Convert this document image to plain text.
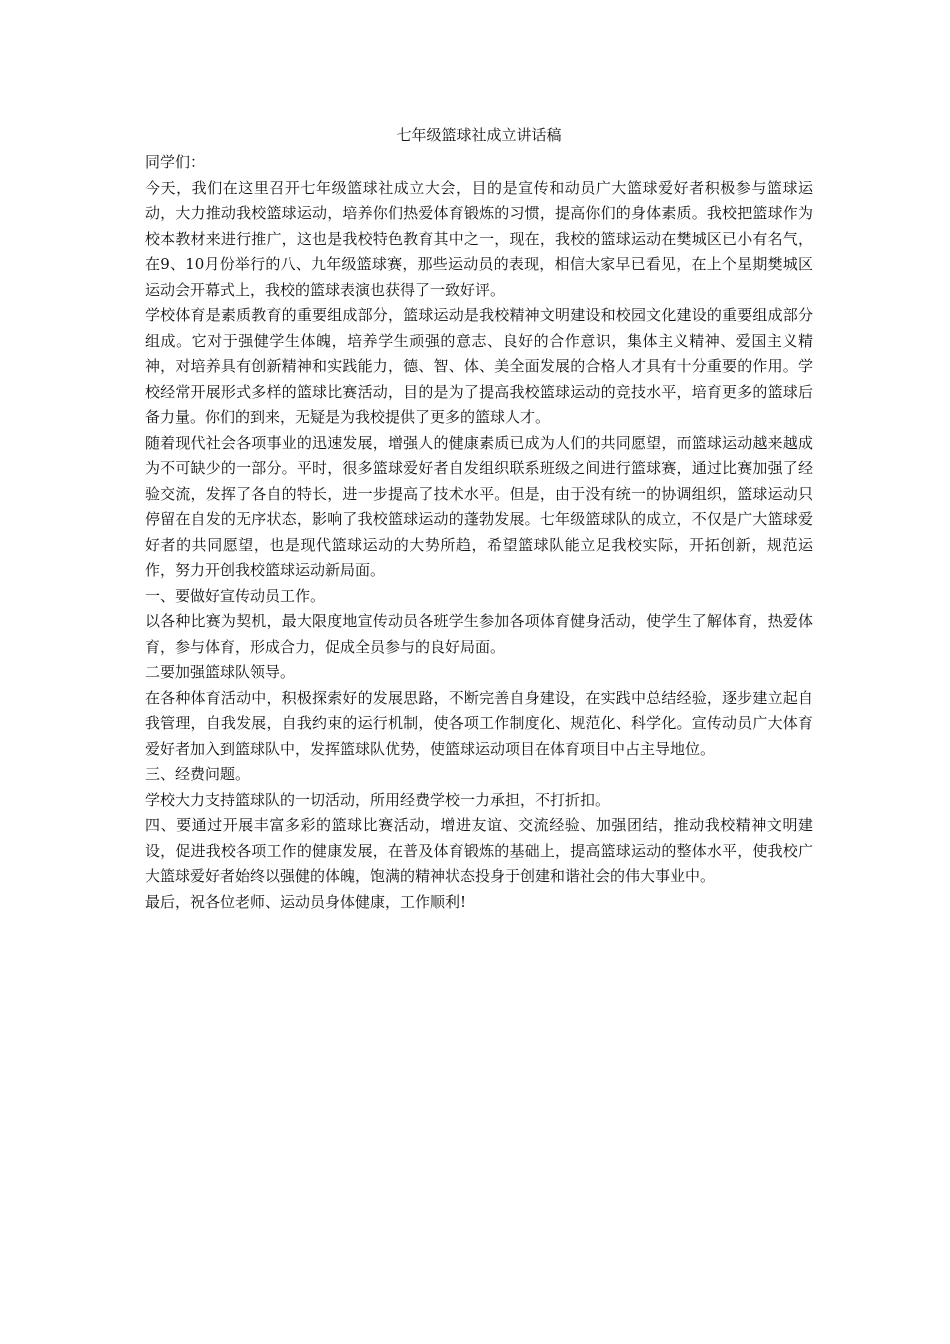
七年级篮球社成立讲话稿

同学们：

今天，我们在这里召开七年级篮球社成立大会，目的是宣传和动员广大篮球爱好者积极参与篮球运动，大力推动我校篮球运动，培养你们热爱体育锻炼的习惯，提高你们的身体素质。我校把篮球作为校本教材来进行推广，这也是我校特色教育其中之一，现在，我校的篮球运动在樊城区已小有名气，在9、10月份举行的八、九年级篮球赛，那些运动员的表现，相信大家早已看见，在上个星期樊城区运动会开幕式上，我校的篮球表演也获得了一致好评。

学校体育是素质教育的重要组成部分，篮球运动是我校精神文明建设和校园文化建设的重要组成部分组成。它对于强健学生体魄，培养学生顽强的意志、良好的合作意识，集体主义精神、爱国主义精神，对培养具有创新精神和实践能力，德、智、体、美全面发展的合格人才具有十分重要的作用。学校经常开展形式多样的篮球比赛活动，目的是为了提高我校篮球运动的竞技水平，培育更多的篮球后备力量。你们的到来，无疑是为我校提供了更多的篮球人才。

随着现代社会各项事业的迅速发展，增强人的健康素质已成为人们的共同愿望，而篮球运动越来越成为不可缺少的一部分。平时，很多篮球爱好者自发组织联系班级之间进行篮球赛，通过比赛加强了经验交流，发挥了各自的特长，进一步提高了技术水平。但是，由于没有统一的协调组织，篮球运动只停留在自发的无序状态，影响了我校篮球运动的蓬勃发展。七年级篮球队的成立，不仅是广大篮球爱好者的共同愿望，也是现代篮球运动的大势所趋，希望篮球队能立足我校实际，开拓创新，规范运作，努力开创我校篮球运动新局面。

一、要做好宣传动员工作。

以各种比赛为契机，最大限度地宣传动员各班学生参加各项体育健身活动，使学生了解体育，热爱体育，参与体育，形成合力，促成全员参与的良好局面。

二要加强篮球队领导。

在各种体育活动中，积极探索好的发展思路，不断完善自身建设，在实践中总结经验，逐步建立起自我管理，自我发展，自我约束的运行机制，使各项工作制度化、规范化、科学化。宣传动员广大体育爱好者加入到篮球队中，发挥篮球队优势，使篮球运动项目在体育项目中占主导地位。

三、经费问题。

学校大力支持篮球队的一切活动，所用经费学校一力承担，不打折扣。

四、要通过开展丰富多彩的篮球比赛活动，增进友谊、交流经验、加强团结，推动我校精神文明建设，促进我校各项工作的健康发展，在普及体育锻炼的基础上，提高篮球运动的整体水平，使我校广大篮球爱好者始终以强健的体魄，饱满的精神状态投身于创建和谐社会的伟大事业中。

最后，祝各位老师、运动员身体健康，工作顺利!
